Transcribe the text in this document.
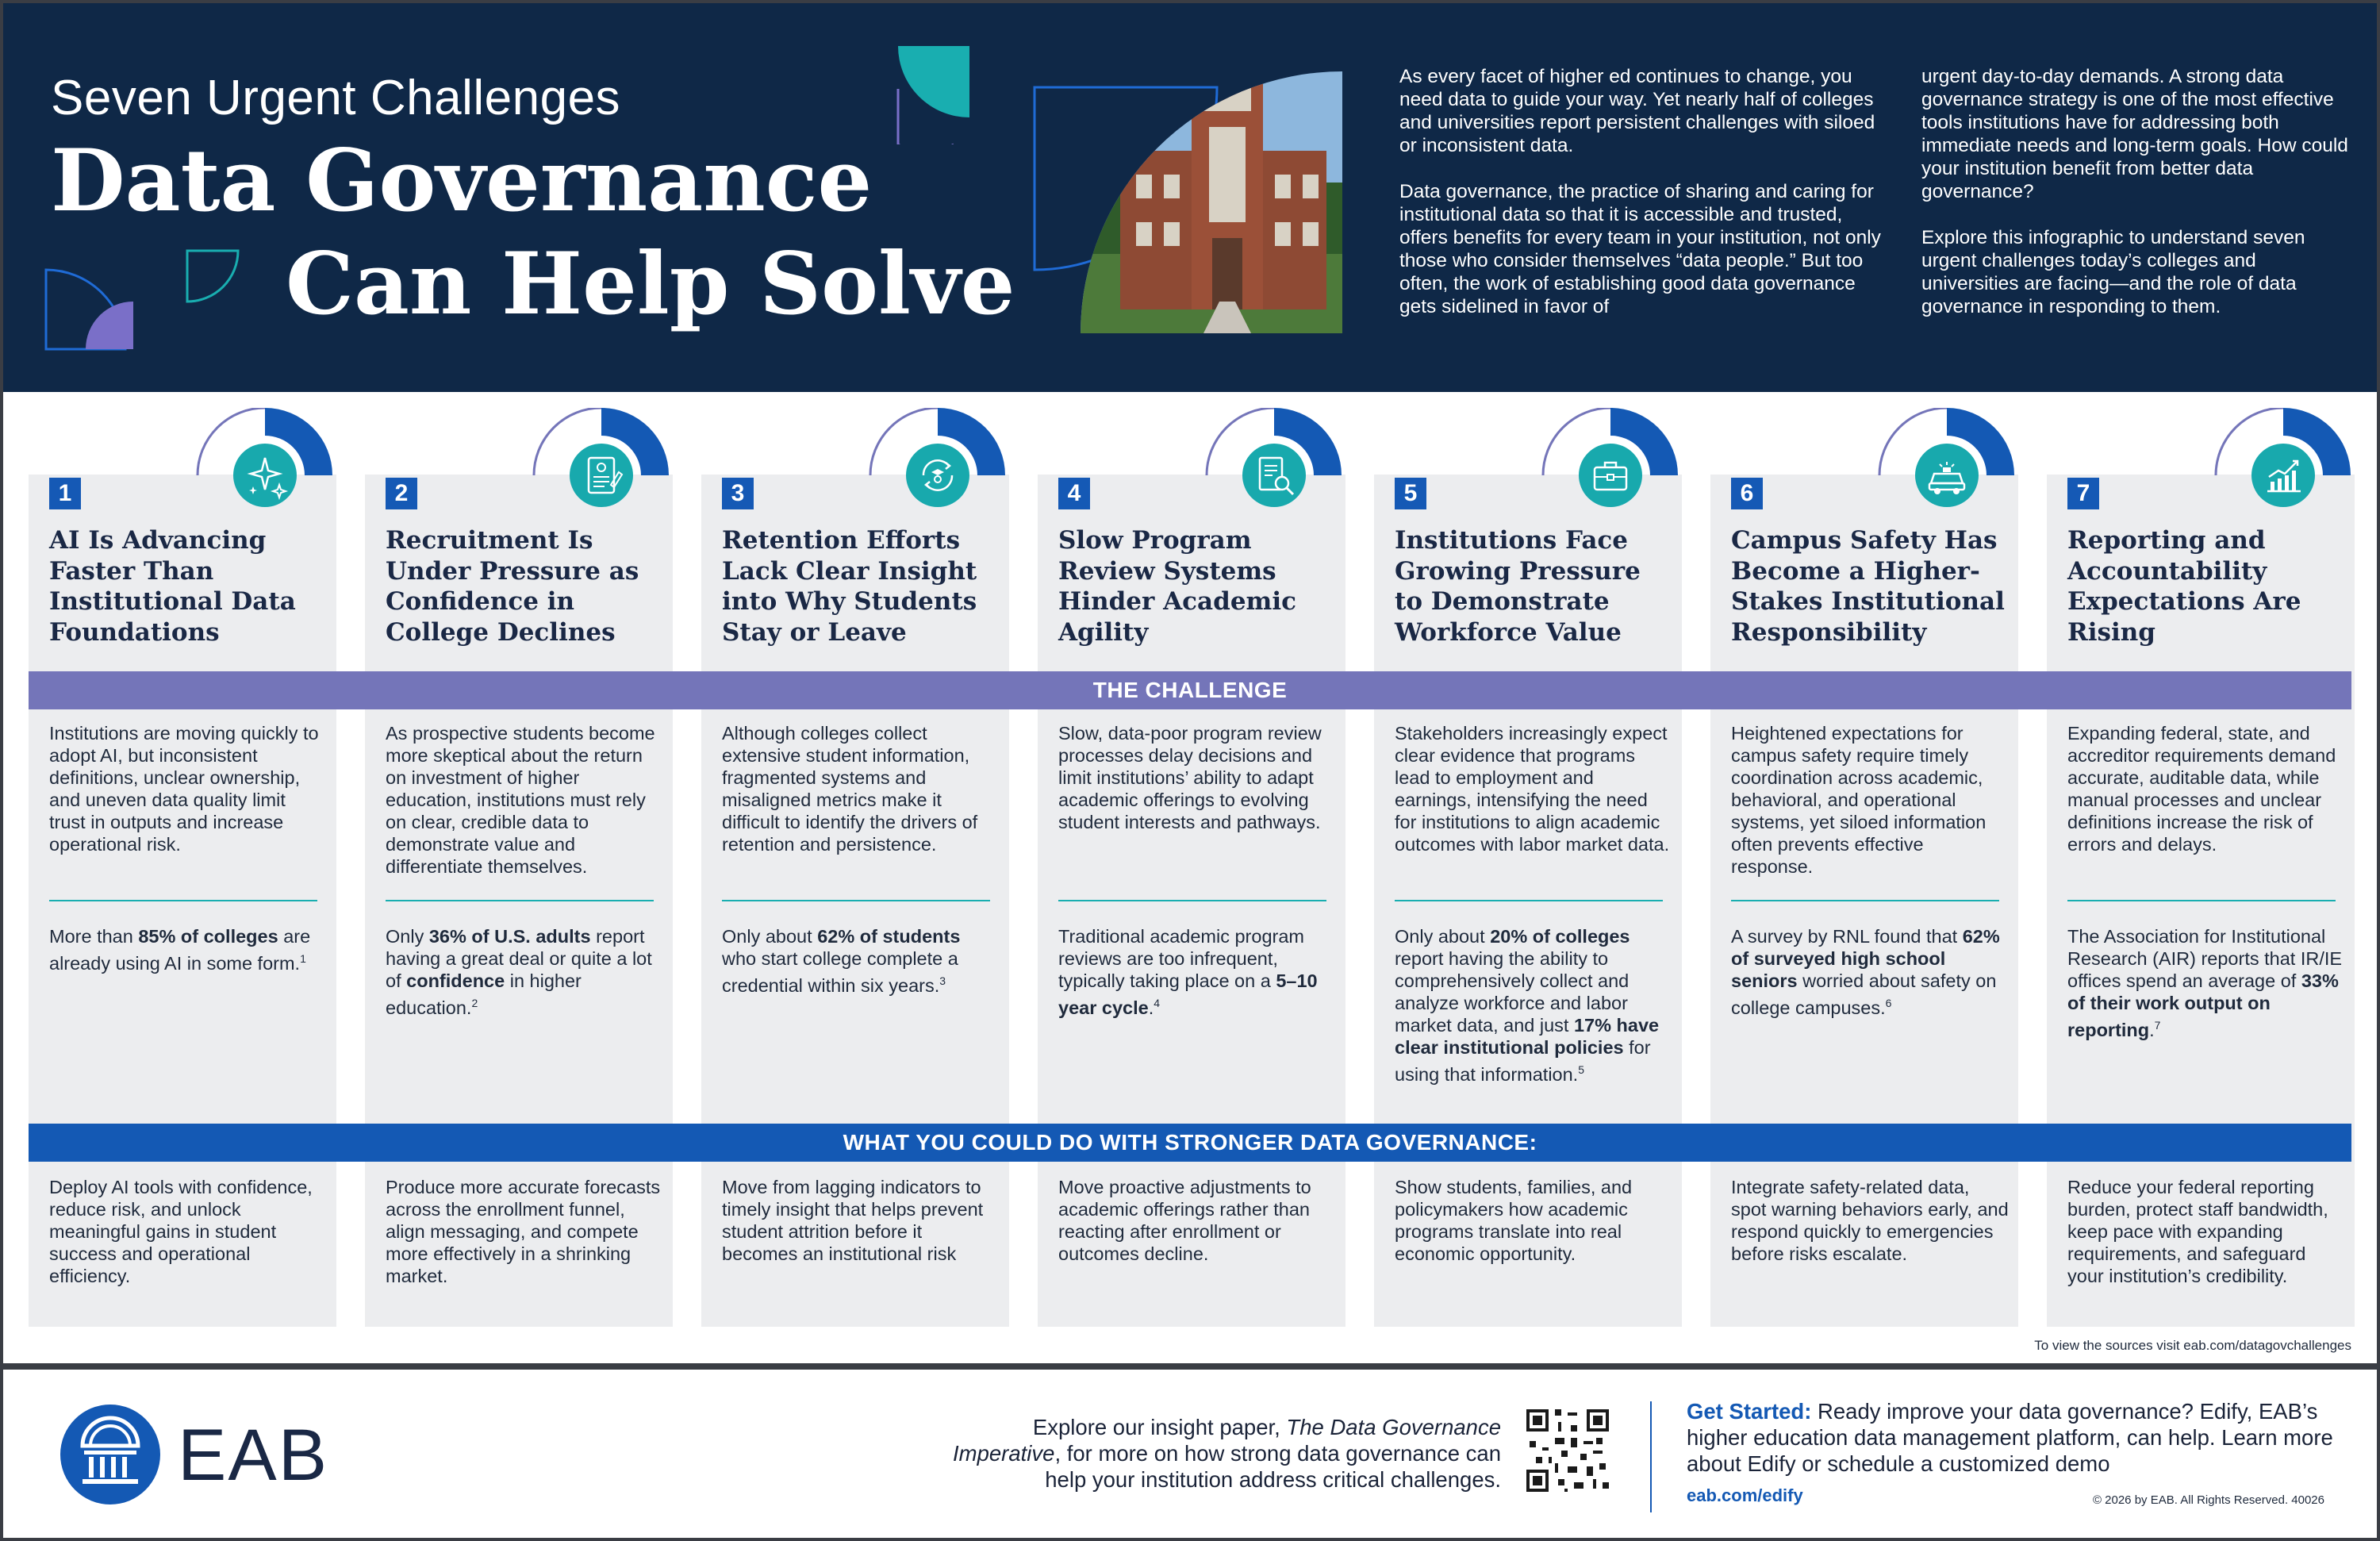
Seven Urgent Challenges
Data Governance
Can Help Solve

As every facet of higher ed continues to change, you need data to guide your way. Yet nearly half of colleges and universities report persistent challenges with siloed or inconsistent data.

Data governance, the practice of sharing and caring for institutional data so that it is accessible and trusted, offers benefits for every team in your institution, not only those who consider themselves “data people.” But too often, the work of establishing good data governance gets sidelined in favor of

urgent day-to-day demands. A strong data governance strategy is one of the most effective tools institutions have for addressing both immediate needs and long-term goals. How could your institution benefit from better data governance?

Explore this infographic to understand seven urgent challenges today’s colleges and universities are facing—and the role of data governance in responding to them.

1
AI Is Advancing Faster Than Institutional Data Foundations
Institutions are moving quickly to adopt AI, but inconsistent definitions, unclear ownership, and uneven data quality limit trust in outputs and increase operational risk.
More than 85% of colleges are already using AI in some form.$^1$
Deploy AI tools with confidence, reduce risk, and unlock meaningful gains in student success and operational efficiency.
2
Recruitment Is Under Pressure as Confidence in College Declines
As prospective students become more skeptical about the return on investment of higher education, institutions must rely on clear, credible data to demonstrate value and differentiate themselves.
Only 36% of U.S. adults report having a great deal or quite a lot of confidence in higher education.$^2$
Produce more accurate forecasts across the enrollment funnel, align messaging, and compete more effectively in a shrinking market.
3
Retention Efforts Lack Clear Insight into Why Students Stay or Leave
Although colleges collect extensive student information, fragmented systems and misaligned metrics make it difficult to identify the drivers of retention and persistence.
Only about 62% of students who start college complete a credential within six years.$^3$
Move from lagging indicators to timely insight that helps prevent student attrition before it becomes an institutional risk
4
Slow Program Review Systems Hinder Academic Agility
Slow, data-poor program review processes delay decisions and limit institutions’ ability to adapt academic offerings to evolving student interests and pathways.
Traditional academic program reviews are too infrequent, typically taking place on a 5–10 year cycle.$^4$
Move proactive adjustments to academic offerings rather than reacting after enrollment or outcomes decline.
5
Institutions Face Growing Pressure to Demonstrate Workforce Value
Stakeholders increasingly expect clear evidence that programs lead to employment and earnings, intensifying the need for institutions to align academic outcomes with labor market data.
Only about 20% of colleges report having the ability to comprehensively collect and analyze workforce and labor market data, and just 17% have clear institutional policies for using that information.$^5$
Show students, families, and policymakers how academic programs translate into real economic opportunity.
6
Campus Safety Has Become a Higher-Stakes Institutional Responsibility
Heightened expectations for campus safety require timely coordination across academic, behavioral, and operational systems, yet siloed information often prevents effective response.
A survey by RNL found that 62% of surveyed high school seniors worried about safety on college campuses.$^6$
Integrate safety-related data, spot warning behaviors early, and respond quickly to emergencies before risks escalate.
7
Reporting and Accountability Expectations Are Rising
Expanding federal, state, and accreditor requirements demand accurate, auditable data, while manual processes and unclear definitions increase the risk of errors and delays.
The Association for Institutional Research (AIR) reports that IR/IE offices spend an average of 33% of their work output on reporting.$^7$
Reduce your federal reporting burden, protect staff bandwidth, keep pace with expanding requirements, and safeguard your institution’s credibility.
THE CHALLENGE
WHAT YOU COULD DO WITH STRONGER DATA GOVERNANCE:
To view the sources visit eab.com/datagovchallenges
EAB	Explore our insight paper, The Data Governance Imperative, for more on how strong data governance can help your institution address critical challenges.
Get Started: Ready improve your data governance? Edify, EAB’s higher education data management platform, can help. Learn more about Edify or schedule a customized demo
eab.com/edify	© 2026 by EAB. All Rights Reserved. 40026
